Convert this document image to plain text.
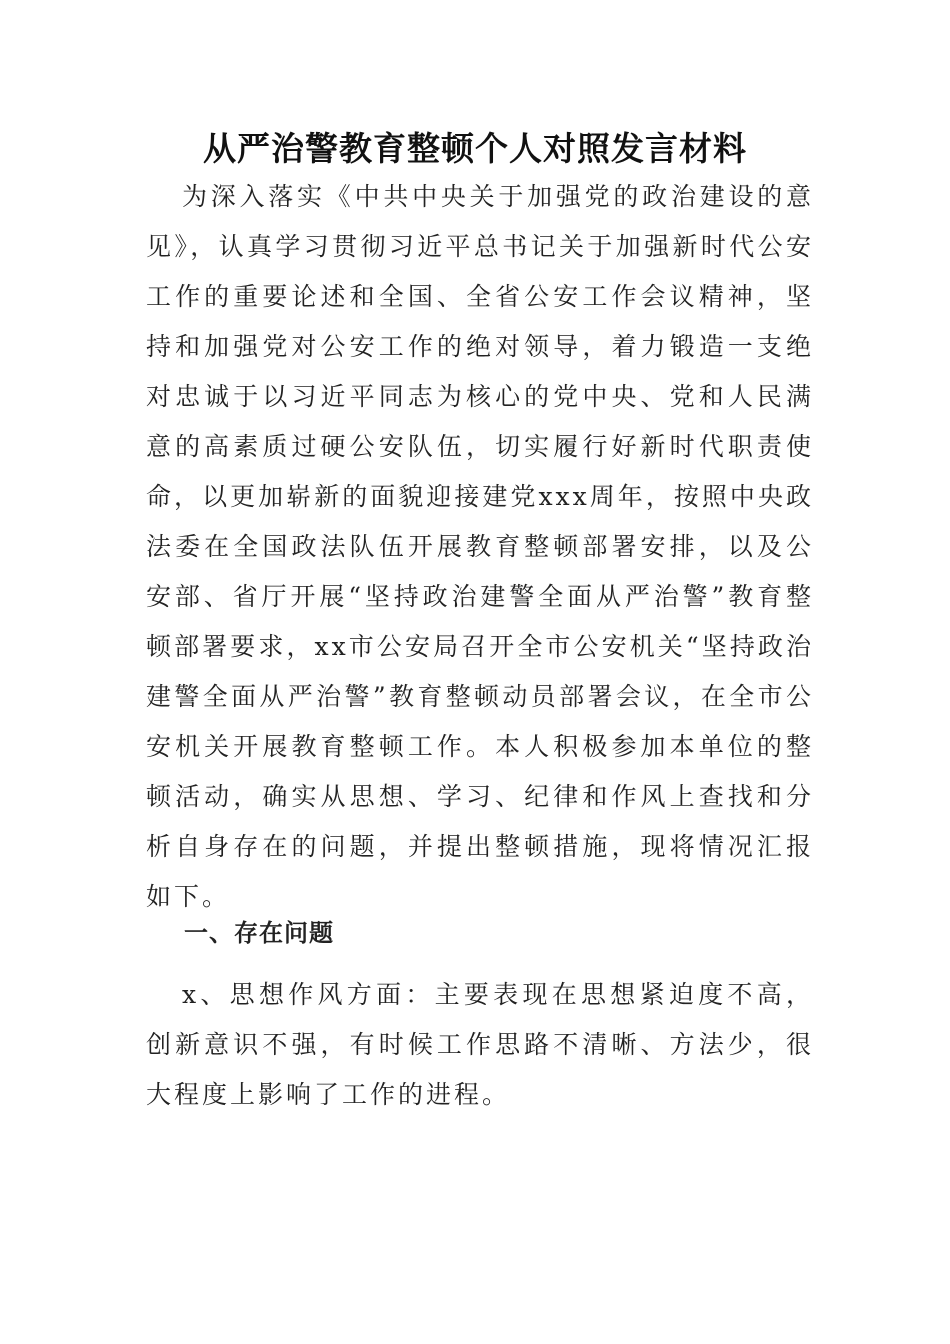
从严治警教育整顿个人对照发言材料

为深入落实《中共中央关于加强党的政治建设的意见》，认真学习贯彻习近平总书记关于加强新时代公安工作的重要论述和全国、全省公安工作会议精神，坚持和加强党对公安工作的绝对领导，着力锻造一支绝对忠诚于以习近平同志为核心的党中央、党和人民满意的高素质过硬公安队伍，切实履行好新时代职责使命，以更加崭新的面貌迎接建党xxx周年，按照中央政法委在全国政法队伍开展教育整顿部署安排，以及公安部、省厅开展“坚持政治建警全面从严治警”教育整顿部署要求，xx市公安局召开全市公安机关“坚持政治建警全面从严治警”教育整顿动员部署会议，在全市公安机关开展教育整顿工作。本人积极参加本单位的整顿活动，确实从思想、学习、纪律和作风上查找和分析自身存在的问题，并提出整顿措施，现将情况汇报如下。

一、存在问题

x、思想作风方面：主要表现在思想紧迫度不高，创新意识不强，有时候工作思路不清晰、方法少，很大程度上影响了工作的进程。
